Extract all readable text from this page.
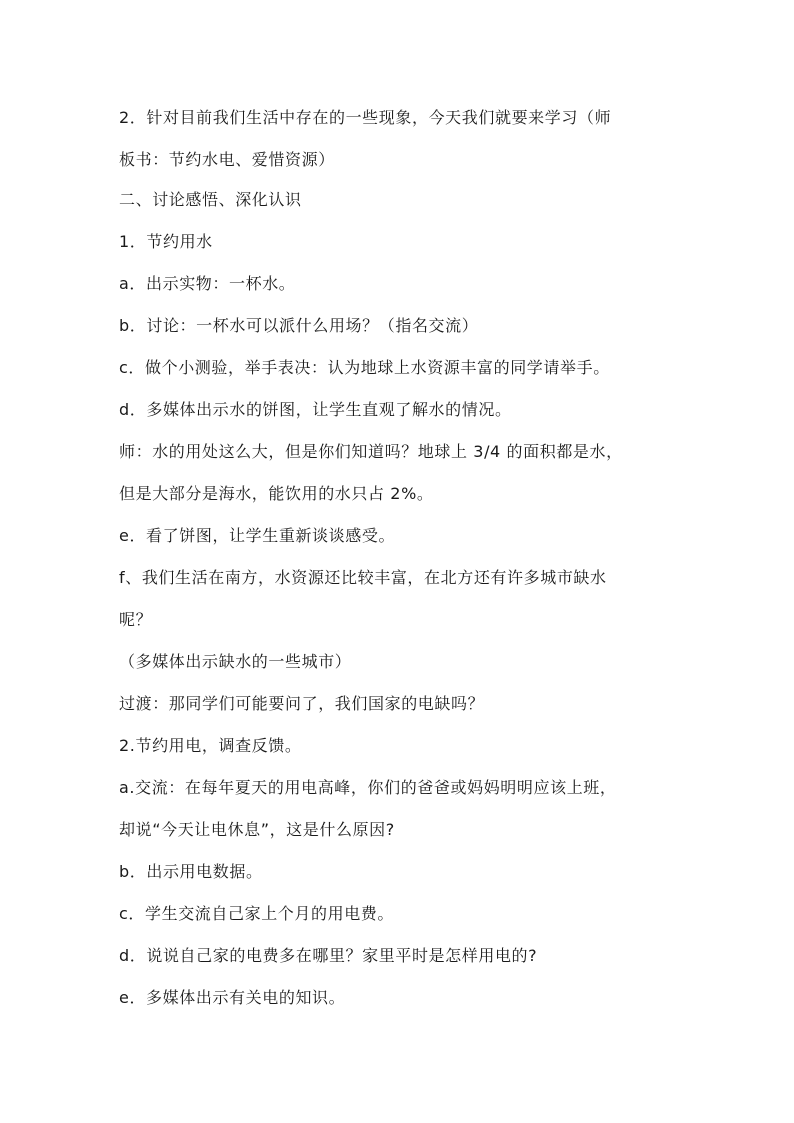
2．针对目前我们生活中存在的一些现象，今天我们就要来学习（师
板书：节约水电、爱惜资源）
二、讨论感悟、深化认识
1．节约用水
a．出示实物：一杯水。
b．讨论：一杯水可以派什么用场？（指名交流）
c．做个小测验，举手表决：认为地球上水资源丰富的同学请举手。
d．多媒体出示水的饼图，让学生直观了解水的情况。
师：水的用处这么大，但是你们知道吗？地球上 3/4 的面积都是水，
但是大部分是海水，能饮用的水只占 2%。
e．看了饼图，让学生重新谈谈感受。
f、我们生活在南方，水资源还比较丰富，在北方还有许多城市缺水
呢？
（多媒体出示缺水的一些城市）
过渡：那同学们可能要问了，我们国家的电缺吗？
2.节约用电，调查反馈。
a.交流：在每年夏天的用电高峰，你们的爸爸或妈妈明明应该上班，
却说“今天让电休息”，这是什么原因?
b．出示用电数据。
c．学生交流自己家上个月的用电费。
d．说说自己家的电费多在哪里？家里平时是怎样用电的?
e．多媒体出示有关电的知识。
